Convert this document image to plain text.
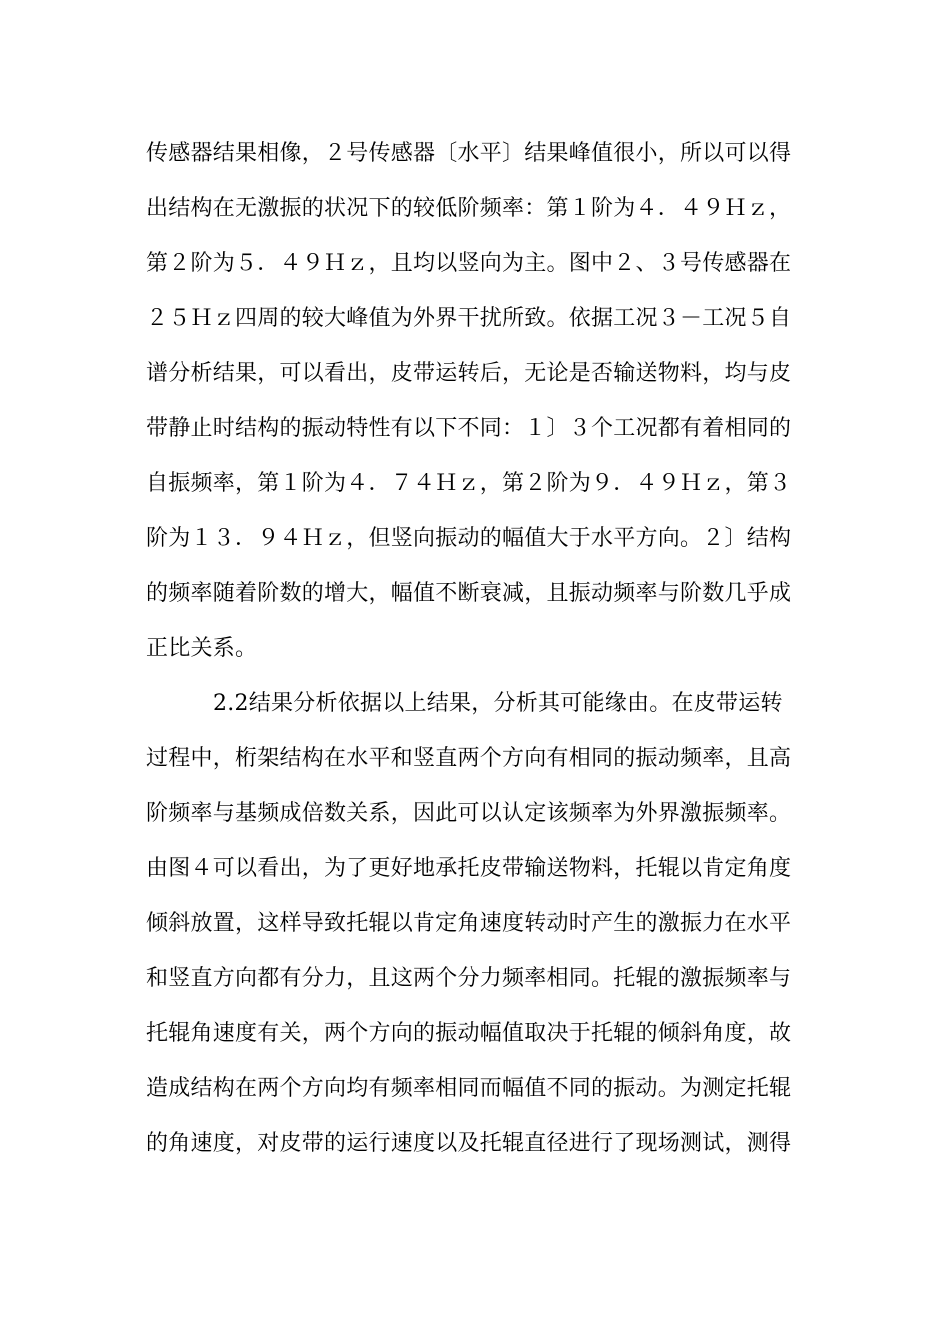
传感器结果相像，２号传感器〔水平〕结果峰值很小，所以可以得
出结构在无激振的状况下的较低阶频率：第１阶为４．４９Ｈｚ，
第２阶为５．４９Ｈｚ，且均以竖向为主。图中２、３号传感器在
２５Ｈｚ四周的较大峰值为外界干扰所致。依据工况３－工况５自
谱分析结果，可以看出，皮带运转后，无论是否输送物料，均与皮
带静止时结构的振动特性有以下不同：１〕３个工况都有着相同的
自振频率，第１阶为４．７４Ｈｚ，第２阶为９．４９Ｈｚ，第３
阶为１３．９４Ｈｚ，但竖向振动的幅值大于水平方向。２〕结构
的频率随着阶数的增大，幅值不断衰减，且振动频率与阶数几乎成
正比关系。
2.2结果分析依据以上结果，分析其可能缘由。在皮带运转
过程中，桁架结构在水平和竖直两个方向有相同的振动频率，且高
阶频率与基频成倍数关系，因此可以认定该频率为外界激振频率。
由图４可以看出，为了更好地承托皮带输送物料，托辊以肯定角度
倾斜放置，这样导致托辊以肯定角速度转动时产生的激振力在水平
和竖直方向都有分力，且这两个分力频率相同。托辊的激振频率与
托辊角速度有关，两个方向的振动幅值取决于托辊的倾斜角度，故
造成结构在两个方向均有频率相同而幅值不同的振动。为测定托辊
的角速度，对皮带的运行速度以及托辊直径进行了现场测试，测得
